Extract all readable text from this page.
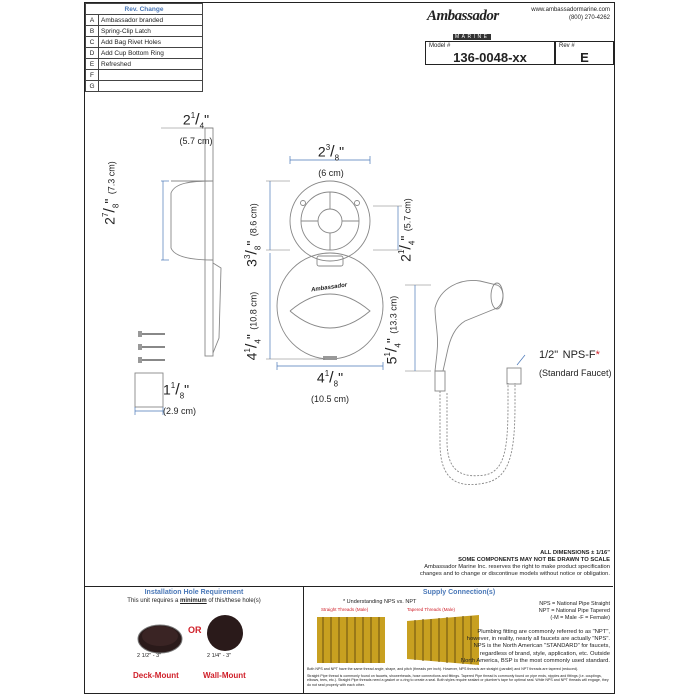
Rev. Change	
A	Ambassador branded
B	Spring-Clip Latch
C	Add Bag Rivet Holes
D	Add Cup Bottom Ring
E	Refreshed
F	
G	
Ambassador
MARINE
www.ambassadormarine.com
(800) 270-4262
Model #
136-0048-xx
Rev #
E
$2^1/_4$"
(5.7 cm)
$2^7/_8$" (7.3 cm)
$1^1/_8$"
(2.9 cm)
$2^3/_8$"
(6 cm)
$3^3/_8$" (8.6 cm)
$2^1/_4$" (5.7 cm)
$4^1/_4$" (10.8 cm)
$4^1/_8$"
(10.5 cm)
$5^1/_4$" (13.3 cm)
1/2" NPS-F*
(Standard Faucet)
Ambassador
ALL DIMENSIONS ± 1/16"
SOME COMPONENTS MAY NOT BE DRAWN TO SCALE
Ambassador Marine Inc. reserves the right to make product specification
changes and to change or discontinue models without notice or obligation.
Installation Hole Requirement
This unit requires a minimum of this/these hole(s)
OR
2 1/2" - 3"	2 1/4" - 3"
Deck-Mount	Wall-Mount
Supply Connection(s)
* Understanding NPS vs. NPT
Straight Threads (Male)	Tapered Threads (Male)
NPS = National Pipe Straight
NPT = National Pipe Tapered
(-M = Male -F = Female)
Plumbing fitting are commonly referred to as "NPT",
however, in reality, nearly all faucets are actually "NPS".
NPS is the North American "STANDARD" for faucets,
regardless of brand, style, application, etc. Outside
North America, BSP is the most commonly used standard.
Both NPS and NPT have the same thread angle, shape, and pitch (threads per inch). However, NPS threads are straight (parallel) and NPT threads are tapered (reduced).
Straight Pipe thread is commonly found on faucets, showerheads, hose connections and fittings. Tapered Pipe thread is commonly found on pipe ends, nipples and fittings (i.e. couplings, elbows, tees, etc.). Straight Pipe threads need a gasket or o-ring to create a seal. Both styles require sealant or plumber's tape for optimal seal. While NPS and NPT threads will engage, they do not seal properly with each other.
